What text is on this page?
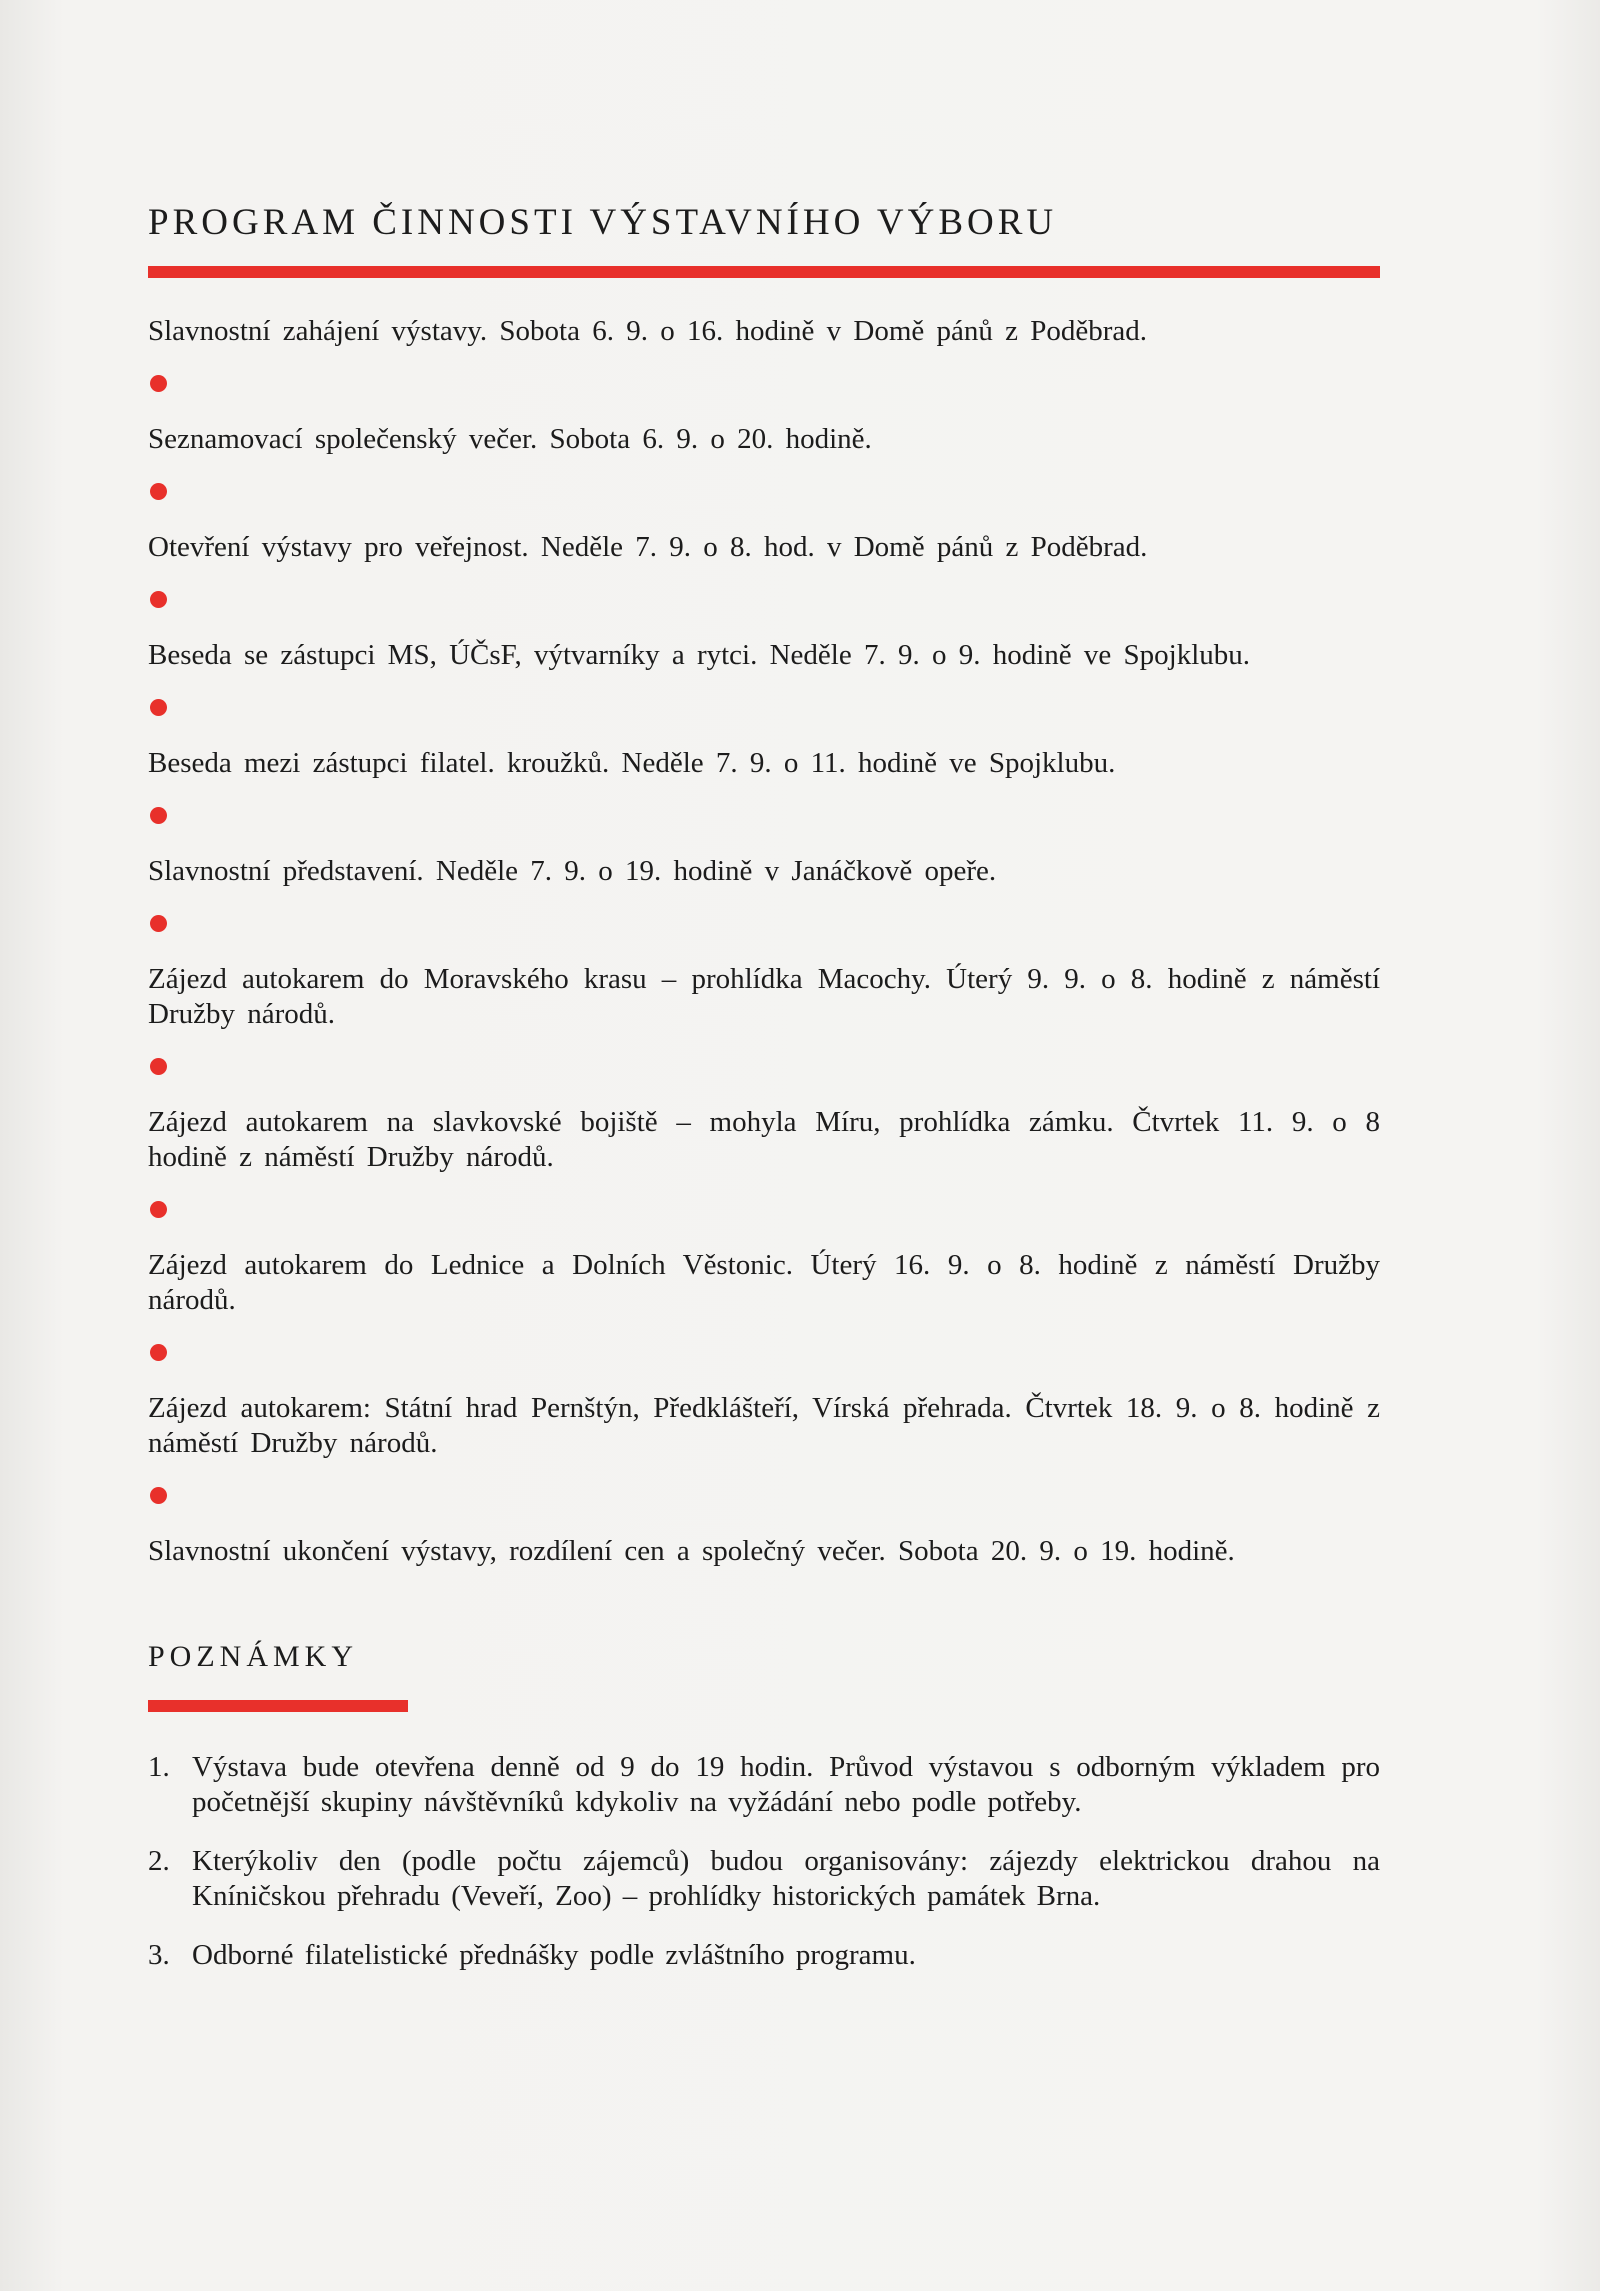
PROGRAM ČINNOSTI VÝSTAVNÍHO VÝBORU

Slavnostní zahájení výstavy. Sobota 6. 9. o 16. hodině v Domě pánů z Poděbrad.

Seznamovací společenský večer. Sobota 6. 9. o 20. hodině.

Otevření výstavy pro veřejnost. Neděle 7. 9. o 8. hod. v Domě pánů z Poděbrad.

Beseda se zástupci MS, ÚČsF, výtvarníky a rytci. Neděle 7. 9. o 9. hodině ve Spojklubu.

Beseda mezi zástupci filatel. kroužků. Neděle 7. 9. o 11. hodině ve Spojklubu.

Slavnostní představení. Neděle 7. 9. o 19. hodině v Janáčkově opeře.

Zájezd autokarem do Moravského krasu – prohlídka Macochy. Úterý 9. 9. o 8. hodině z náměstí Družby národů.

Zájezd autokarem na slavkovské bojiště – mohyla Míru, prohlídka zámku. Čtvrtek 11. 9. o 8 hodině z náměstí Družby národů.

Zájezd autokarem do Lednice a Dolních Věstonic. Úterý 16. 9. o 8. hodině z náměstí Družby národů.

Zájezd autokarem: Státní hrad Pernštýn, Předklášteří, Vírská přehrada. Čtvrtek 18. 9. o 8. hodině z náměstí Družby národů.

Slavnostní ukončení výstavy, rozdílení cen a společný večer. Sobota 20. 9. o 19. hodině.

POZNÁMKY
1. Výstava bude otevřena denně od 9 do 19 hodin. Průvod výstavou s odborným výkladem pro početnější skupiny návštěvníků kdykoliv na vyžádání nebo podle potřeby.
2. Kterýkoliv den (podle počtu zájemců) budou organisovány: zájezdy elektrickou drahou na Kníničskou přehradu (Veveří, Zoo) – prohlídky historických památek Brna.
3. Odborné filatelistické přednášky podle zvláštního programu.
